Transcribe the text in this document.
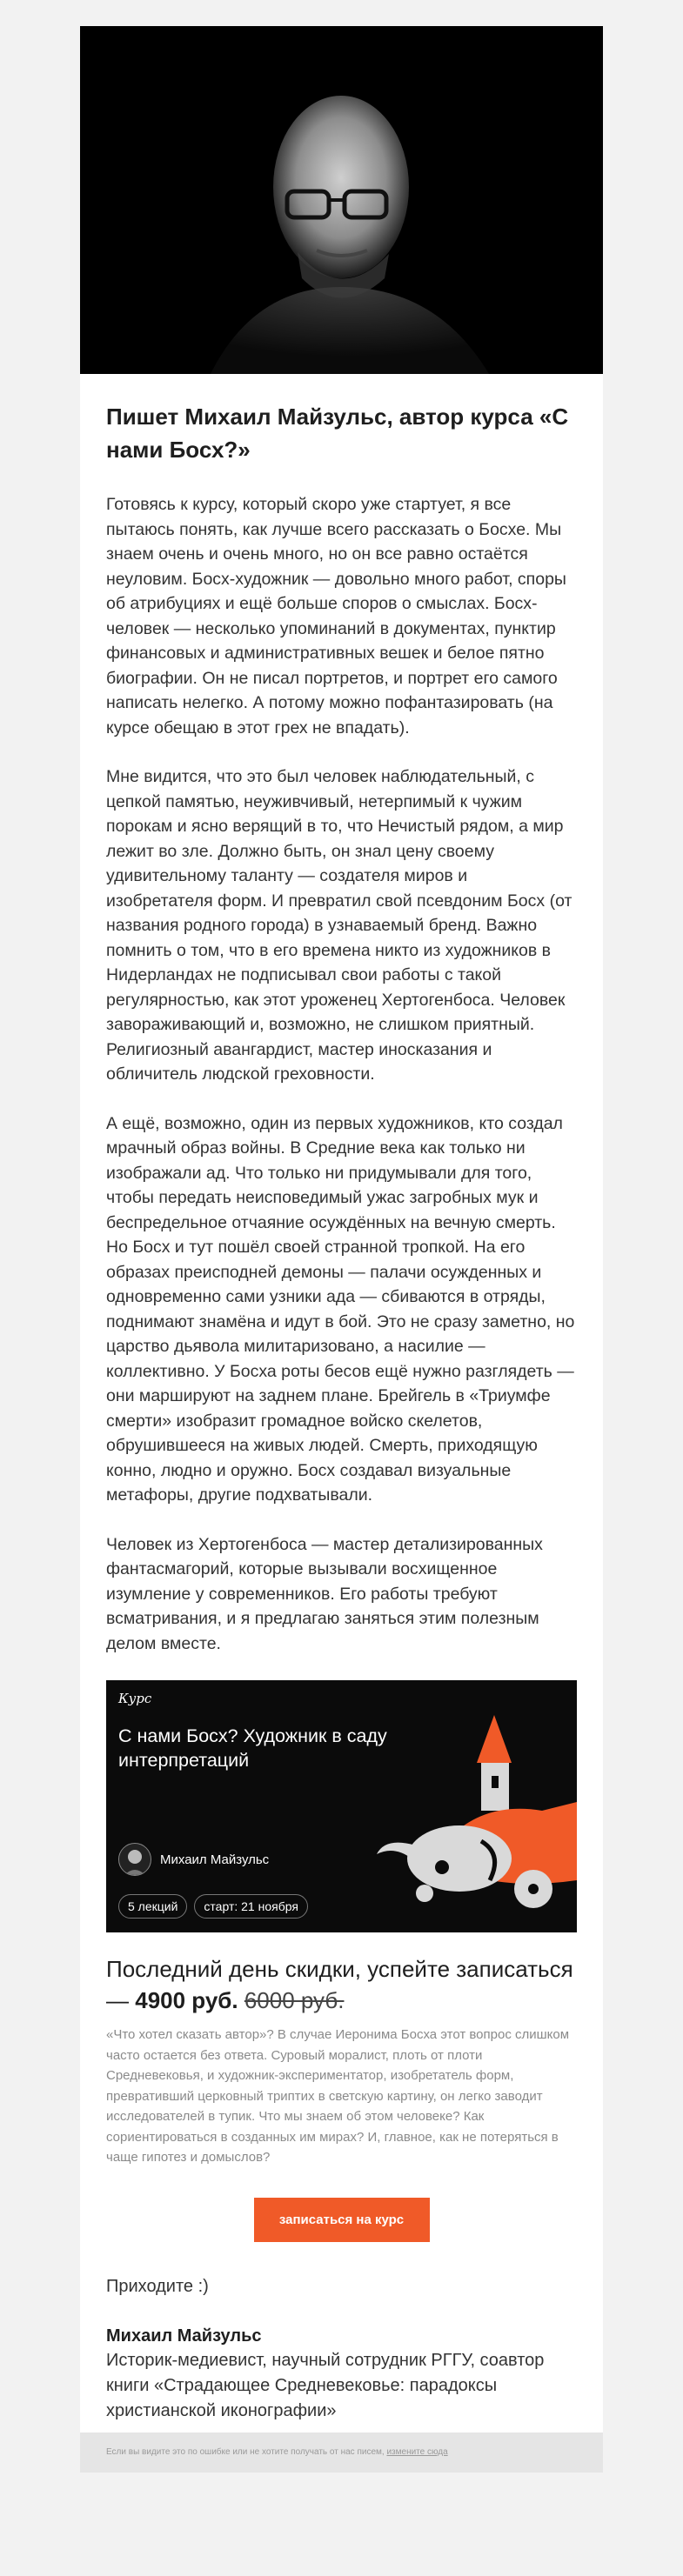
Пишет Михаил Майзульс, автор курса «С нами Босх?»

Готовясь к курсу, который скоро уже стартует, я все пытаюсь понять, как лучше всего рассказать о Босхе. Мы знаем очень и очень много, но он все равно остаётся неуловим. Босх-художник — довольно много работ, споры об атрибуциях и ещё больше споров о смыслах. Босх-человек — несколько упоминаний в документах, пунктир финансовых и административных вешек и белое пятно биографии. Он не писал портретов, и портрет его самого написать нелегко. А потому можно пофантазировать (на курсе обещаю в этот грех не впадать).

Мне видится, что это был человек наблюдательный, с цепкой памятью, неуживчивый, нетерпимый к чужим порокам и ясно верящий в то, что Нечистый рядом, а мир лежит во зле. Должно быть, он знал цену своему удивительному таланту — создателя миров и изобретателя форм. И превратил свой псевдоним Босх (от названия родного города) в узнаваемый бренд. Важно помнить о том, что в его времена никто из художников в Нидерландах не подписывал свои работы с такой регулярностью, как этот уроженец Хертогенбоса. Человек завораживающий и, возможно, не слишком приятный. Религиозный авангардист, мастер иносказания и обличитель людской греховности.

А ещё, возможно, один из первых художников, кто создал мрачный образ войны. В Средние века как только ни изображали ад. Что только ни придумывали для того, чтобы передать неисповедимый ужас загробных мук и беспредельное отчаяние осуждённых на вечную смерть. Но Босх и тут пошёл своей странной тропкой. На его образах преисподней демоны — палачи осужденных и одновременно сами узники ада — сбиваются в отряды, поднимают знамёна и идут в бой. Это не сразу заметно, но царство дьявола милитаризовано, а насилие — коллективно. У Босха роты бесов ещё нужно разглядеть — они маршируют на заднем плане. Брейгель в «Триумфе смерти» изобразит громадное войско скелетов, обрушившееся на живых людей. Смерть, приходящую конно, людно и оружно. Босх создавал визуальные метафоры, другие подхватывали.

Человек из Хертогенбоса — мастер детализированных фантасмагорий, которые вызывали восхищенное изумление у современников. Его работы требуют всматривания, и я предлагаю заняться этим полезным делом вместе.

Курс
С нами Босх? Художник в саду интерпретаций
Михаил Майзульс
5 лекций	старт: 21 ноября
Последний день скидки, успейте записаться — 4900 руб. 6000 руб.

«Что хотел сказать автор»? В случае Иеронима Босха этот вопрос слишком часто остается без ответа. Суровый моралист, плоть от плоти Средневековья, и художник-экспериментатор, изобретатель форм, превративший церковный триптих в светскую картину, он легко заводит исследователей в тупик. Что мы знаем об этом человеке? Как сориентироваться в созданных им мирах? И, главное, как не потеряться в чаще гипотез и домыслов?

записаться на курс

Приходите :)

Михаил Майзульс

Историк-медиевист, научный сотрудник РГГУ, соавтор книги «Страдающее Средневековье: парадоксы христианской иконографии»

Если вы видите это по ошибке или не хотите получать от нас писем, измените сюда
